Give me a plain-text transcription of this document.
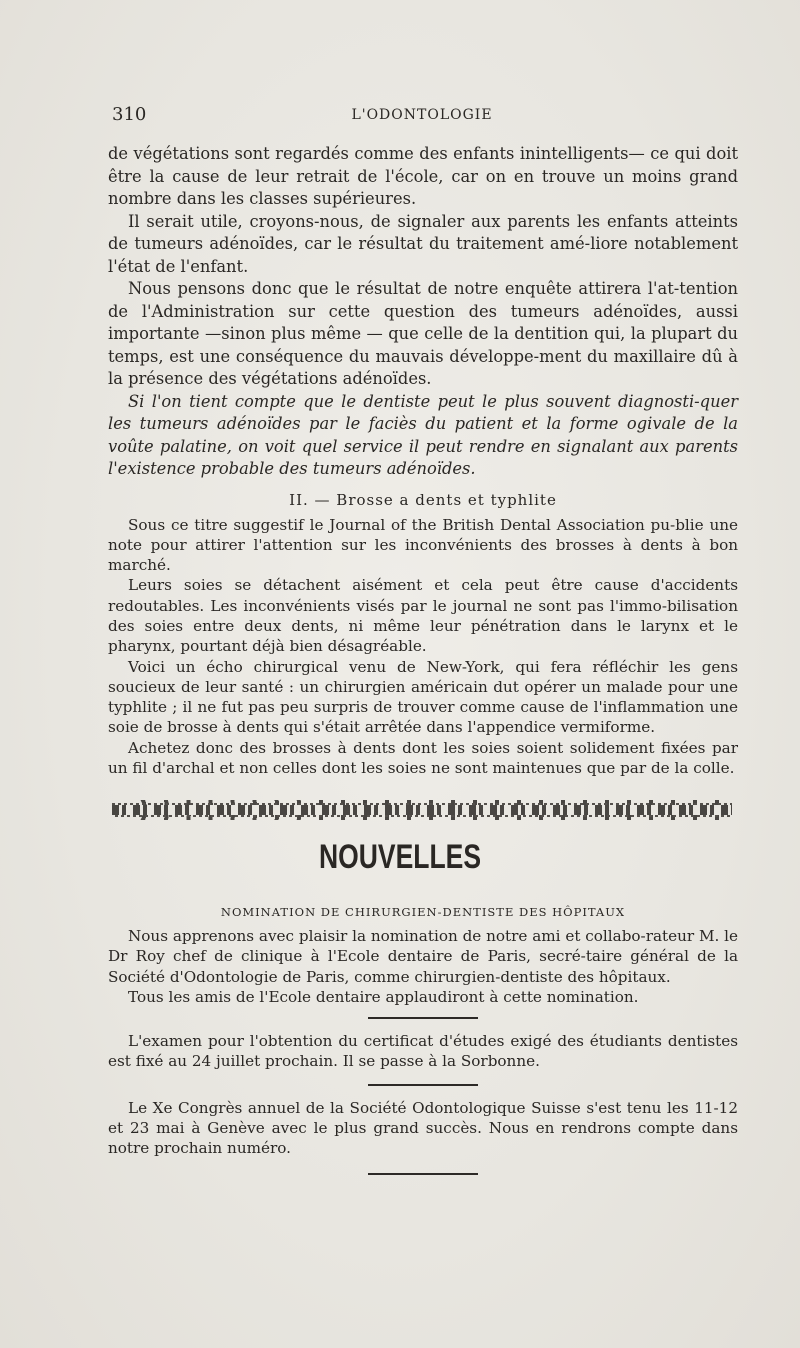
310	L'ODONTOLOGIE

de végétations sont regardés comme des enfants inintelligents— ce qui doit être la cause de leur retrait de l'école, car on en trouve un moins grand nombre dans les classes supérieures.

Il serait utile, croyons-nous, de signaler aux parents les enfants atteints de tumeurs adénoïdes, car le résultat du traitement amé-liore notablement l'état de l'enfant.

Nous pensons donc que le résultat de notre enquête attirera l'at-tention de l'Administration sur cette question des tumeurs adénoïdes, aussi importante —sinon plus même — que celle de la dentition qui, la plupart du temps, est une conséquence du mauvais développe-ment du maxillaire dû à la présence des végétations adénoïdes.

Si l'on tient compte que le dentiste peut le plus souvent diagnosti-quer les tumeurs adénoïdes par le faciès du patient et la forme ogivale de la voûte palatine, on voit quel service il peut rendre en signalant aux parents l'existence probable des tumeurs adénoïdes.

II. — Brosse a dents et typhlite

Sous ce titre suggestif le Journal of the British Dental Association pu-blie une note pour attirer l'attention sur les inconvénients des brosses à dents à bon marché.

Leurs soies se détachent aisément et cela peut être cause d'accidents redoutables. Les inconvénients visés par le journal ne sont pas l'immo-bilisation des soies entre deux dents, ni même leur pénétration dans le larynx et le pharynx, pourtant déjà bien désagréable.

Voici un écho chirurgical venu de New-York, qui fera réfléchir les gens soucieux de leur santé : un chirurgien américain dut opérer un malade pour une typhlite ; il ne fut pas peu surpris de trouver comme cause de l'inflammation une soie de brosse à dents qui s'était arrêtée dans l'appendice vermiforme.

Achetez donc des brosses à dents dont les soies soient solidement fixées par un fil d'archal et non celles dont les soies ne sont maintenues que par de la colle.

NOUVELLES
NOMINATION DE CHIRURGIEN-DENTISTE DES HÔPITAUX

Nous apprenons avec plaisir la nomination de notre ami et collabo-rateur M. le Dr Roy chef de clinique à l'Ecole dentaire de Paris, secré-taire général de la Société d'Odontologie de Paris, comme chirurgien-dentiste des hôpitaux.

Tous les amis de l'Ecole dentaire applaudiront à cette nomination.

L'examen pour l'obtention du certificat d'études exigé des étudiants dentistes est fixé au 24 juillet prochain. Il se passe à la Sorbonne.

Le Xe Congrès annuel de la Société Odontologique Suisse s'est tenu les 11-12 et 23 mai à Genève avec le plus grand succès. Nous en rendrons compte dans notre prochain numéro.
